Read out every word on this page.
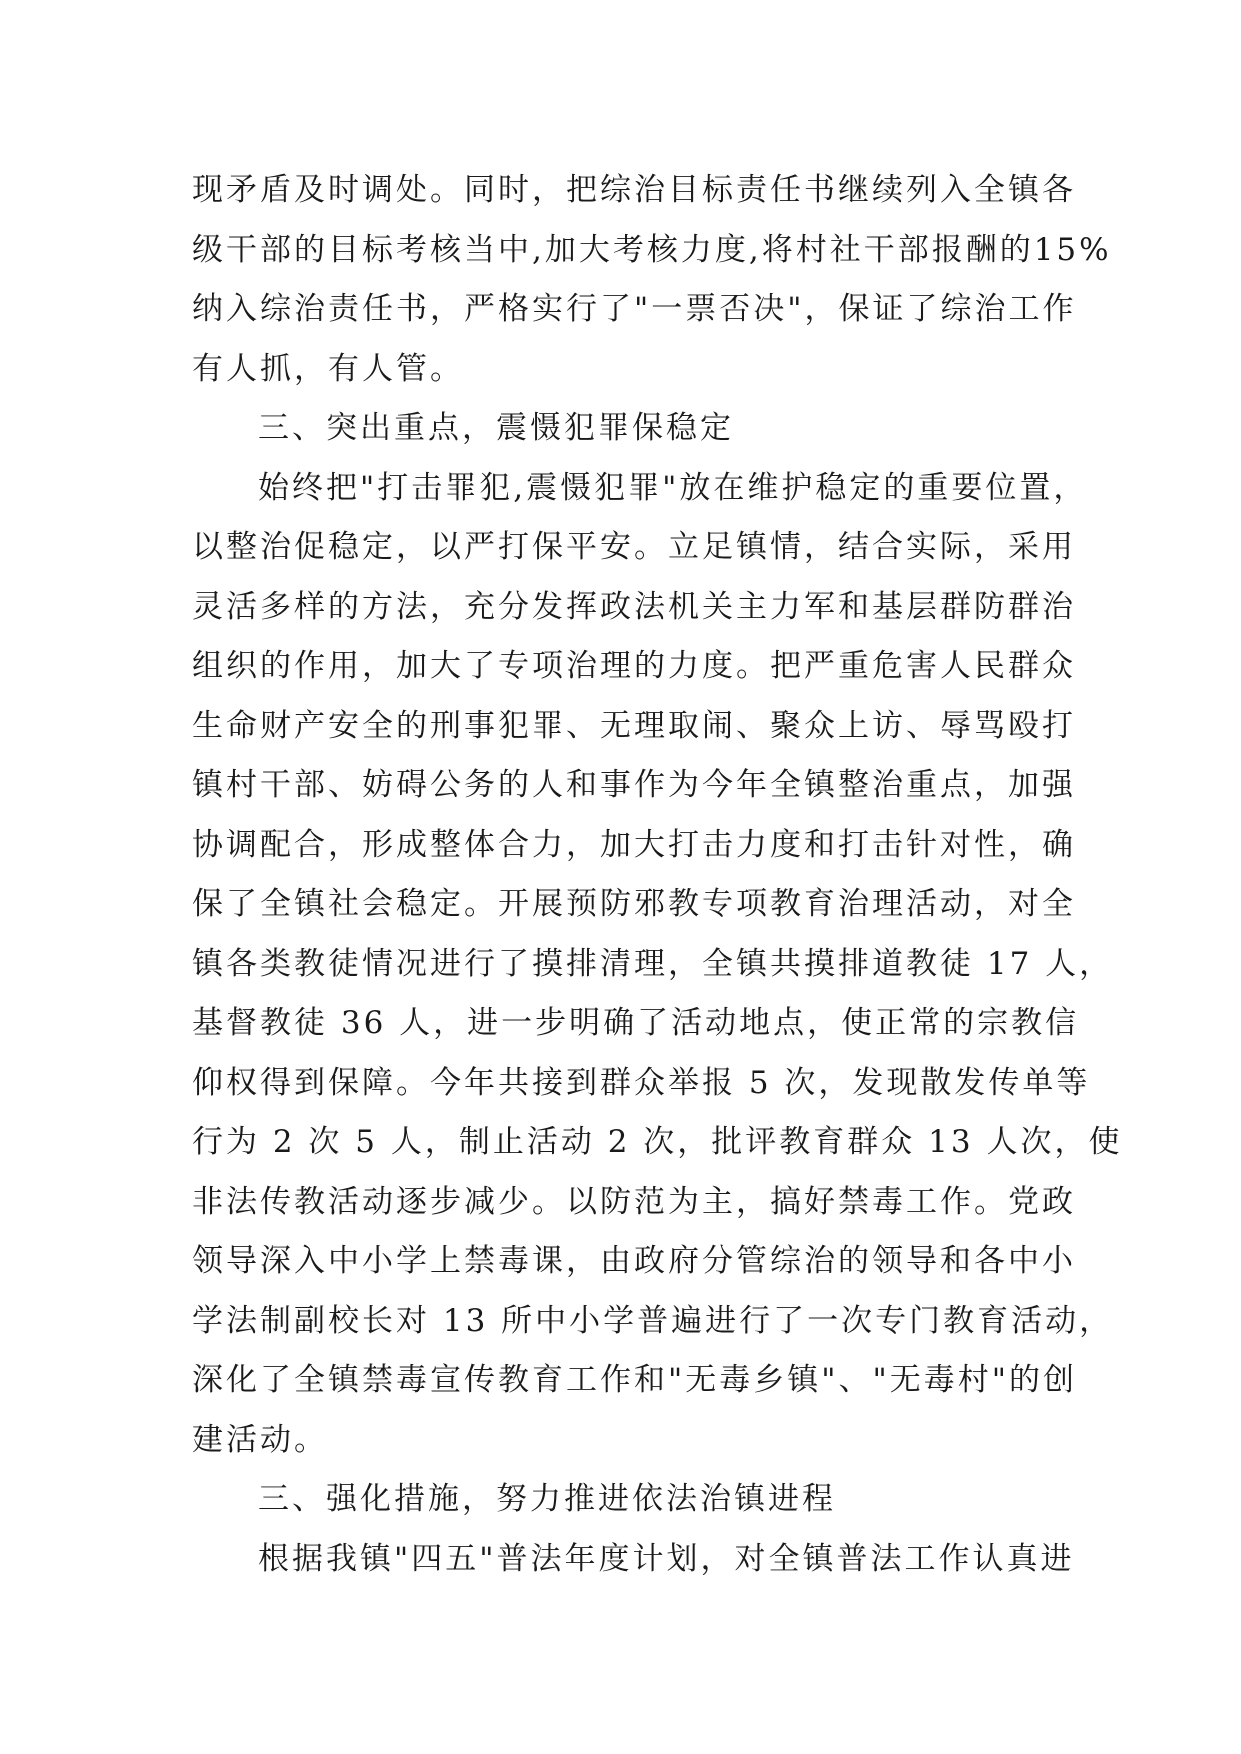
现矛盾及时调处。同时，把综治目标责任书继续列入全镇各
级干部的目标考核当中,加大考核力度,将村社干部报酬的15%
纳入综治责任书，严格实行了"一票否决"，保证了综治工作
有人抓，有人管。
三、突出重点，震慑犯罪保稳定
始终把"打击罪犯,震慑犯罪"放在维护稳定的重要位置，
以整治促稳定，以严打保平安。立足镇情，结合实际，采用
灵活多样的方法，充分发挥政法机关主力军和基层群防群治
组织的作用，加大了专项治理的力度。把严重危害人民群众
生命财产安全的刑事犯罪、无理取闹、聚众上访、辱骂殴打
镇村干部、妨碍公务的人和事作为今年全镇整治重点，加强
协调配合，形成整体合力，加大打击力度和打击针对性，确
保了全镇社会稳定。开展预防邪教专项教育治理活动，对全
镇各类教徒情况进行了摸排清理，全镇共摸排道教徒 17 人，
基督教徒 36 人，进一步明确了活动地点，使正常的宗教信
仰权得到保障。今年共接到群众举报 5 次，发现散发传单等
行为 2 次 5 人，制止活动 2 次，批评教育群众 13 人次，使
非法传教活动逐步减少。以防范为主，搞好禁毒工作。党政
领导深入中小学上禁毒课，由政府分管综治的领导和各中小
学法制副校长对 13 所中小学普遍进行了一次专门教育活动，
深化了全镇禁毒宣传教育工作和"无毒乡镇"、"无毒村"的创
建活动。
三、强化措施，努力推进依法治镇进程
根据我镇"四五"普法年度计划，对全镇普法工作认真进
